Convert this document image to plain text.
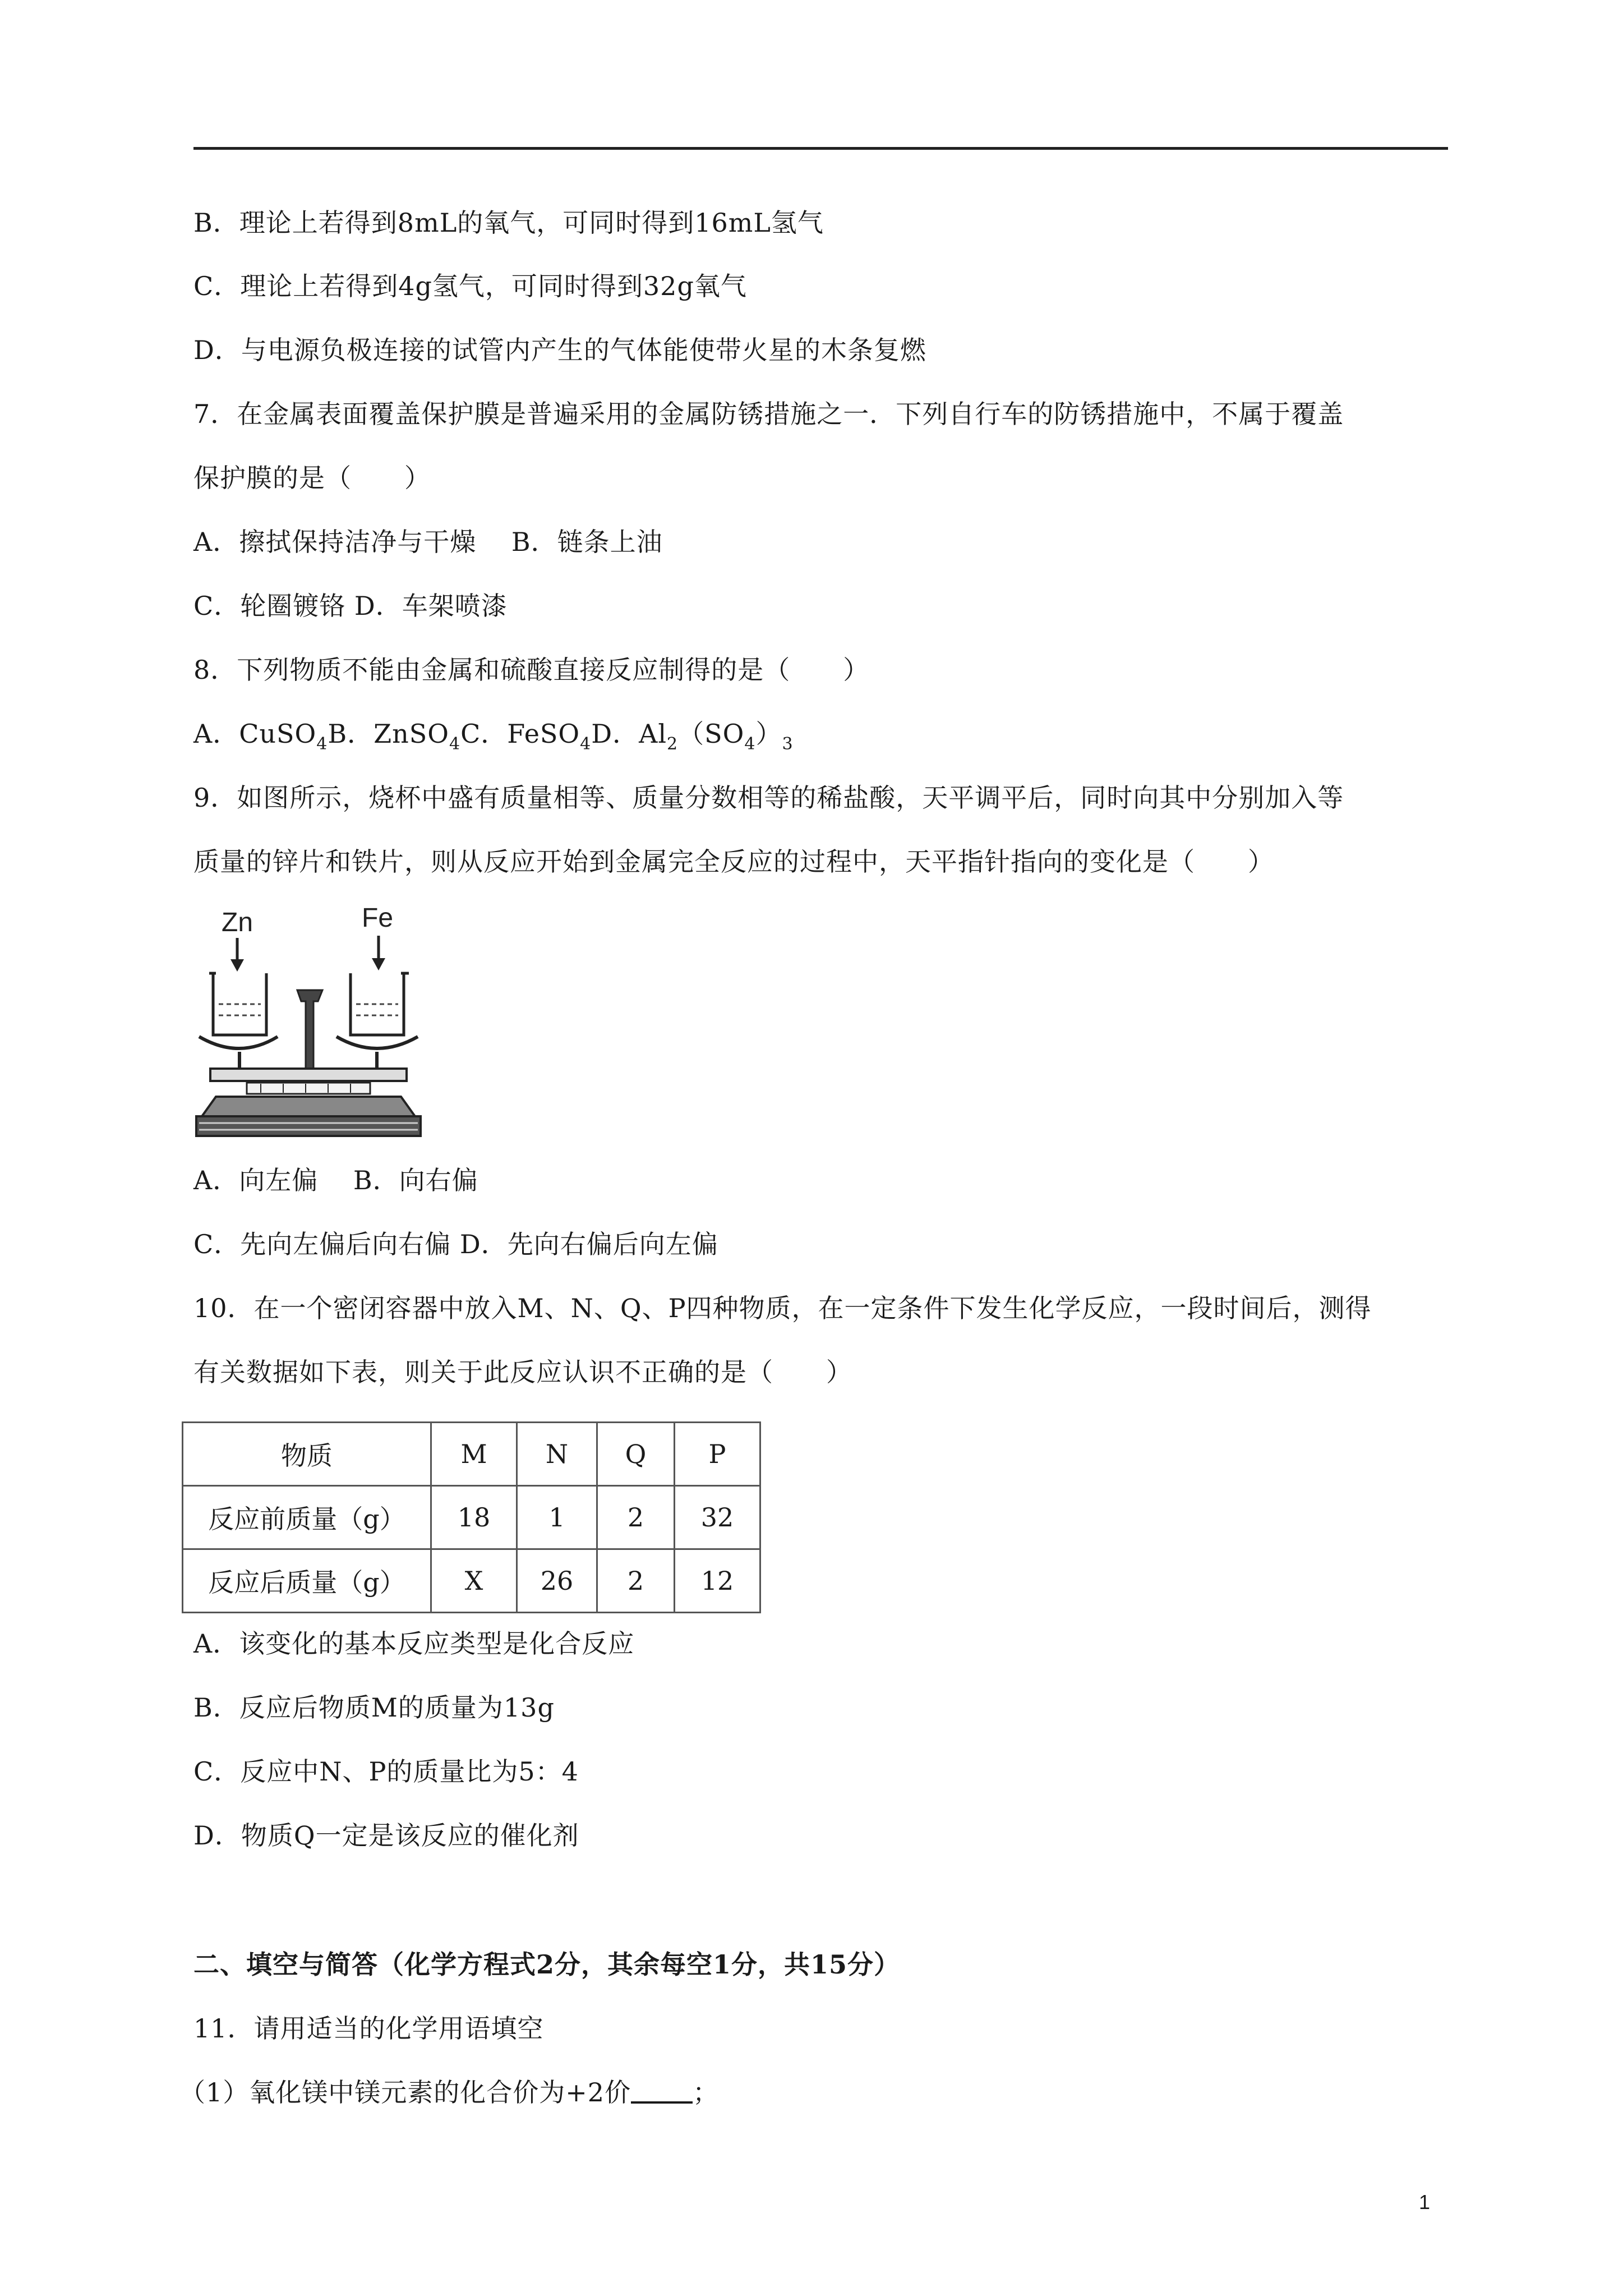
B．理论上若得到8mL的氧气，可同时得到16mL氢气
C．理论上若得到4g氢气，可同时得到32g氧气
D．与电源负极连接的试管内产生的气体能使带火星的木条复燃
7．在金属表面覆盖保护膜是普遍采用的金属防锈措施之一．下列自行车的防锈措施中，不属于覆盖
保护膜的是（　　）
A．擦拭保持洁净与干燥　 B．链条上油
C．轮圈镀铬 D．车架喷漆
8．下列物质不能由金属和硫酸直接反应制得的是（　　）
A．CuSO$_4$B．ZnSO$_4$C．FeSO$_4$D．$Al_2(SO_4)_3$
9．如图所示，烧杯中盛有质量相等、质量分数相等的稀盐酸，天平调平后，同时向其中分别加入等
质量的锌片和铁片，则从反应开始到金属完全反应的过程中，天平指针指向的变化是（　　）
Zn	Fe
A．向左偏　 B．向右偏
C．先向左偏后向右偏 D．先向右偏后向左偏
10．在一个密闭容器中放入M、N、Q、P四种物质，在一定条件下发生化学反应，一段时间后，测得
有关数据如下表，则关于此反应认识不正确的是（　　）
物质	M	N	Q	P
反应前质量（g）	18	1	2	32
反应后质量（g）	X	26	2	12
A．该变化的基本反应类型是化合反应
B．反应后物质M的质量为13g
C．反应中N、P的质量比为5：4
D．物质Q一定是该反应的催化剂
二、填空与简答（化学方程式2分，其余每空1分，共15分）
11．请用适当的化学用语填空
（1）氧化镁中镁元素的化合价为+2价 ；
1
